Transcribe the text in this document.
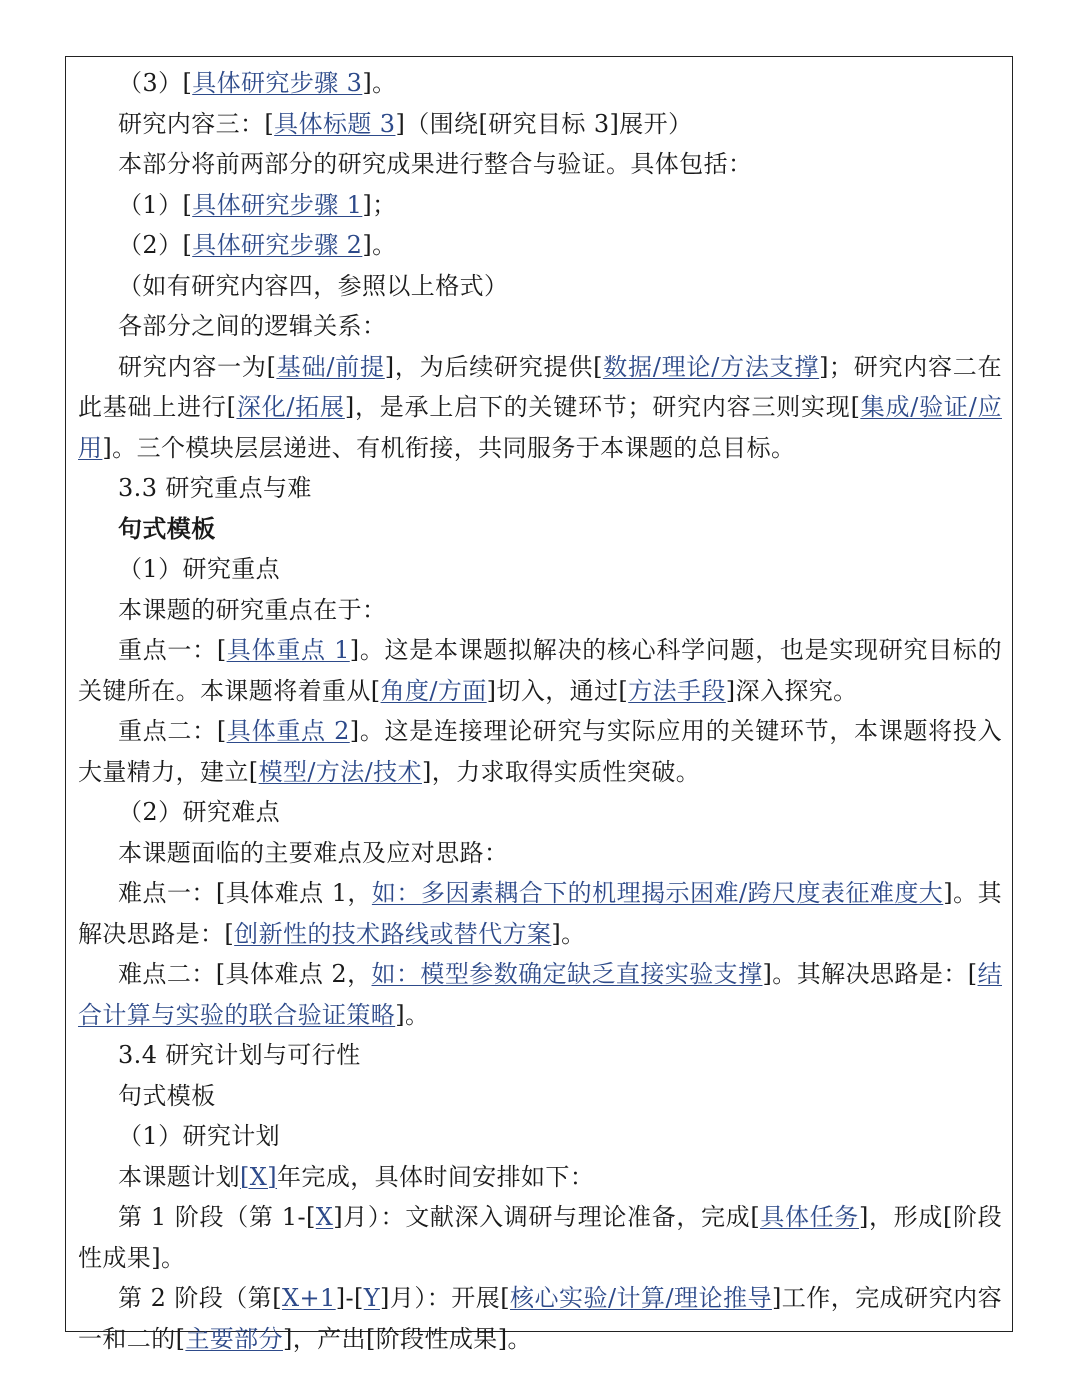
（3）[具体研究步骤 3]。

研究内容三：[具体标题 3]（围绕[研究目标 3]展开）

本部分将前两部分的研究成果进行整合与验证。具体包括：

（1）[具体研究步骤 1]；

（2）[具体研究步骤 2]。

（如有研究内容四，参照以上格式）

各部分之间的逻辑关系：

研究内容一为[基础/前提]，为后续研究提供[数据/理论/方法支撑]；研究内容二在此基础上进行[深化/拓展]，是承上启下的关键环节；研究内容三则实现[集成/验证/应用]。三个模块层层递进、有机衔接，共同服务于本课题的总目标。

3.3 研究重点与难

句式模板

（1）研究重点

本课题的研究重点在于：

重点一：[具体重点 1]。这是本课题拟解决的核心科学问题，也是实现研究目标的关键所在。本课题将着重从[角度/方面]切入，通过[方法手段]深入探究。

重点二：[具体重点 2]。这是连接理论研究与实际应用的关键环节，本课题将投入大量精力，建立[模型/方法/技术]，力求取得实质性突破。

（2）研究难点

本课题面临的主要难点及应对思路：

难点一：[具体难点 1，如：多因素耦合下的机理揭示困难/跨尺度表征难度大]。其解决思路是：[创新性的技术路线或替代方案]。

难点二：[具体难点 2，如：模型参数确定缺乏直接实验支撑]。其解决思路是：[结合计算与实验的联合验证策略]。

3.4 研究计划与可行性

句式模板

（1）研究计划

本课题计划[X]年完成，具体时间安排如下：

第 1 阶段（第 1-[X]月）：文献深入调研与理论准备，完成[具体任务]，形成[阶段性成果]。

第 2 阶段（第[X+1]-[Y]月）：开展[核心实验/计算/理论推导]工作，完成研究内容一和二的[主要部分]，产出[阶段性成果]。
